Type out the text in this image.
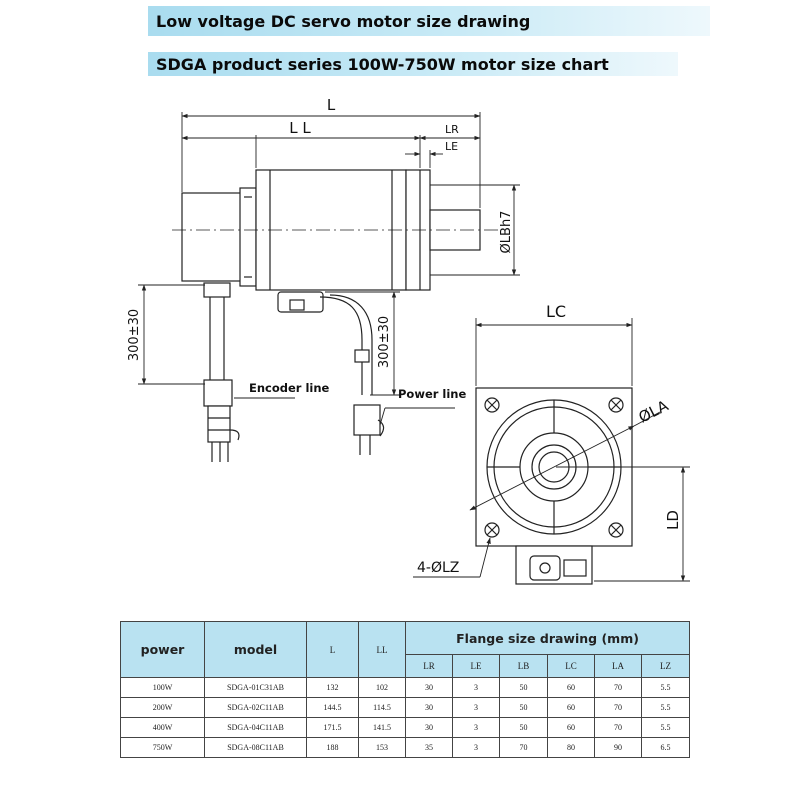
Low voltage DC servo motor size drawing
SDGA product series 100W-750W motor size chart
L
L L	LR
LE
ØLBh7
300±30	300±30
Encoder line	Power line
LC
ØLA
LD
4-ØLZ
power	model	L	LL	Flange size drawing (mm)					
				LR	LE	LB	LC	LA	LZ
100W	SDGA-01C31AB	132	102	30	3	50	60	70	5.5
200W	SDGA-02C11AB	144.5	114.5	30	3	50	60	70	5.5
400W	SDGA-04C11AB	171.5	141.5	30	3	50	60	70	5.5
750W	SDGA-08C11AB	188	153	35	3	70	80	90	6.5
